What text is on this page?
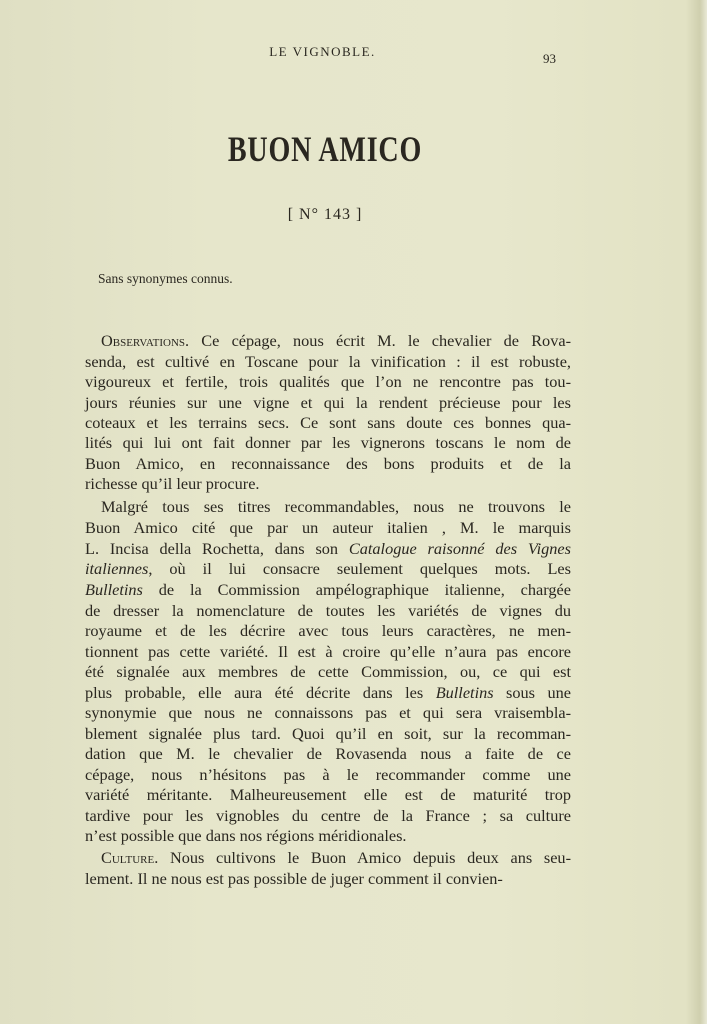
LE VIGNOBLE.	93
BUON AMICO
[ N° 143 ]
Sans synonymes connus.
Observations. Ce cépage, nous écrit M. le chevalier de Rova-
senda, est cultivé en Toscane pour la vinification : il est robuste,
vigoureux et fertile, trois qualités que l’on ne rencontre pas tou-
jours réunies sur une vigne et qui la rendent précieuse pour les
coteaux et les terrains secs. Ce sont sans doute ces bonnes qua-
lités qui lui ont fait donner par les vignerons toscans le nom de
Buon Amico, en reconnaissance des bons produits et de la
richesse qu’il leur procure.
Malgré tous ses titres recommandables, nous ne trouvons le
Buon Amico cité que par un auteur italien , M. le marquis
L. Incisa della Rochetta, dans son Catalogue raisonné des Vignes
italiennes, où il lui consacre seulement quelques mots. Les
Bulletins de la Commission ampélographique italienne, chargée
de dresser la nomenclature de toutes les variétés de vignes du
royaume et de les décrire avec tous leurs caractères, ne men-
tionnent pas cette variété. Il est à croire qu’elle n’aura pas encore
été signalée aux membres de cette Commission, ou, ce qui est
plus probable, elle aura été décrite dans les Bulletins sous une
synonymie que nous ne connaissons pas et qui sera vraisembla-
blement signalée plus tard. Quoi qu’il en soit, sur la recomman-
dation que M. le chevalier de Rovasenda nous a faite de ce
cépage, nous n’hésitons pas à le recommander comme une
variété méritante. Malheureusement elle est de maturité trop
tardive pour les vignobles du centre de la France ; sa culture
n’est possible que dans nos régions méridionales.
Culture. Nous cultivons le Buon Amico depuis deux ans seu-
lement. Il ne nous est pas possible de juger comment il convien-
